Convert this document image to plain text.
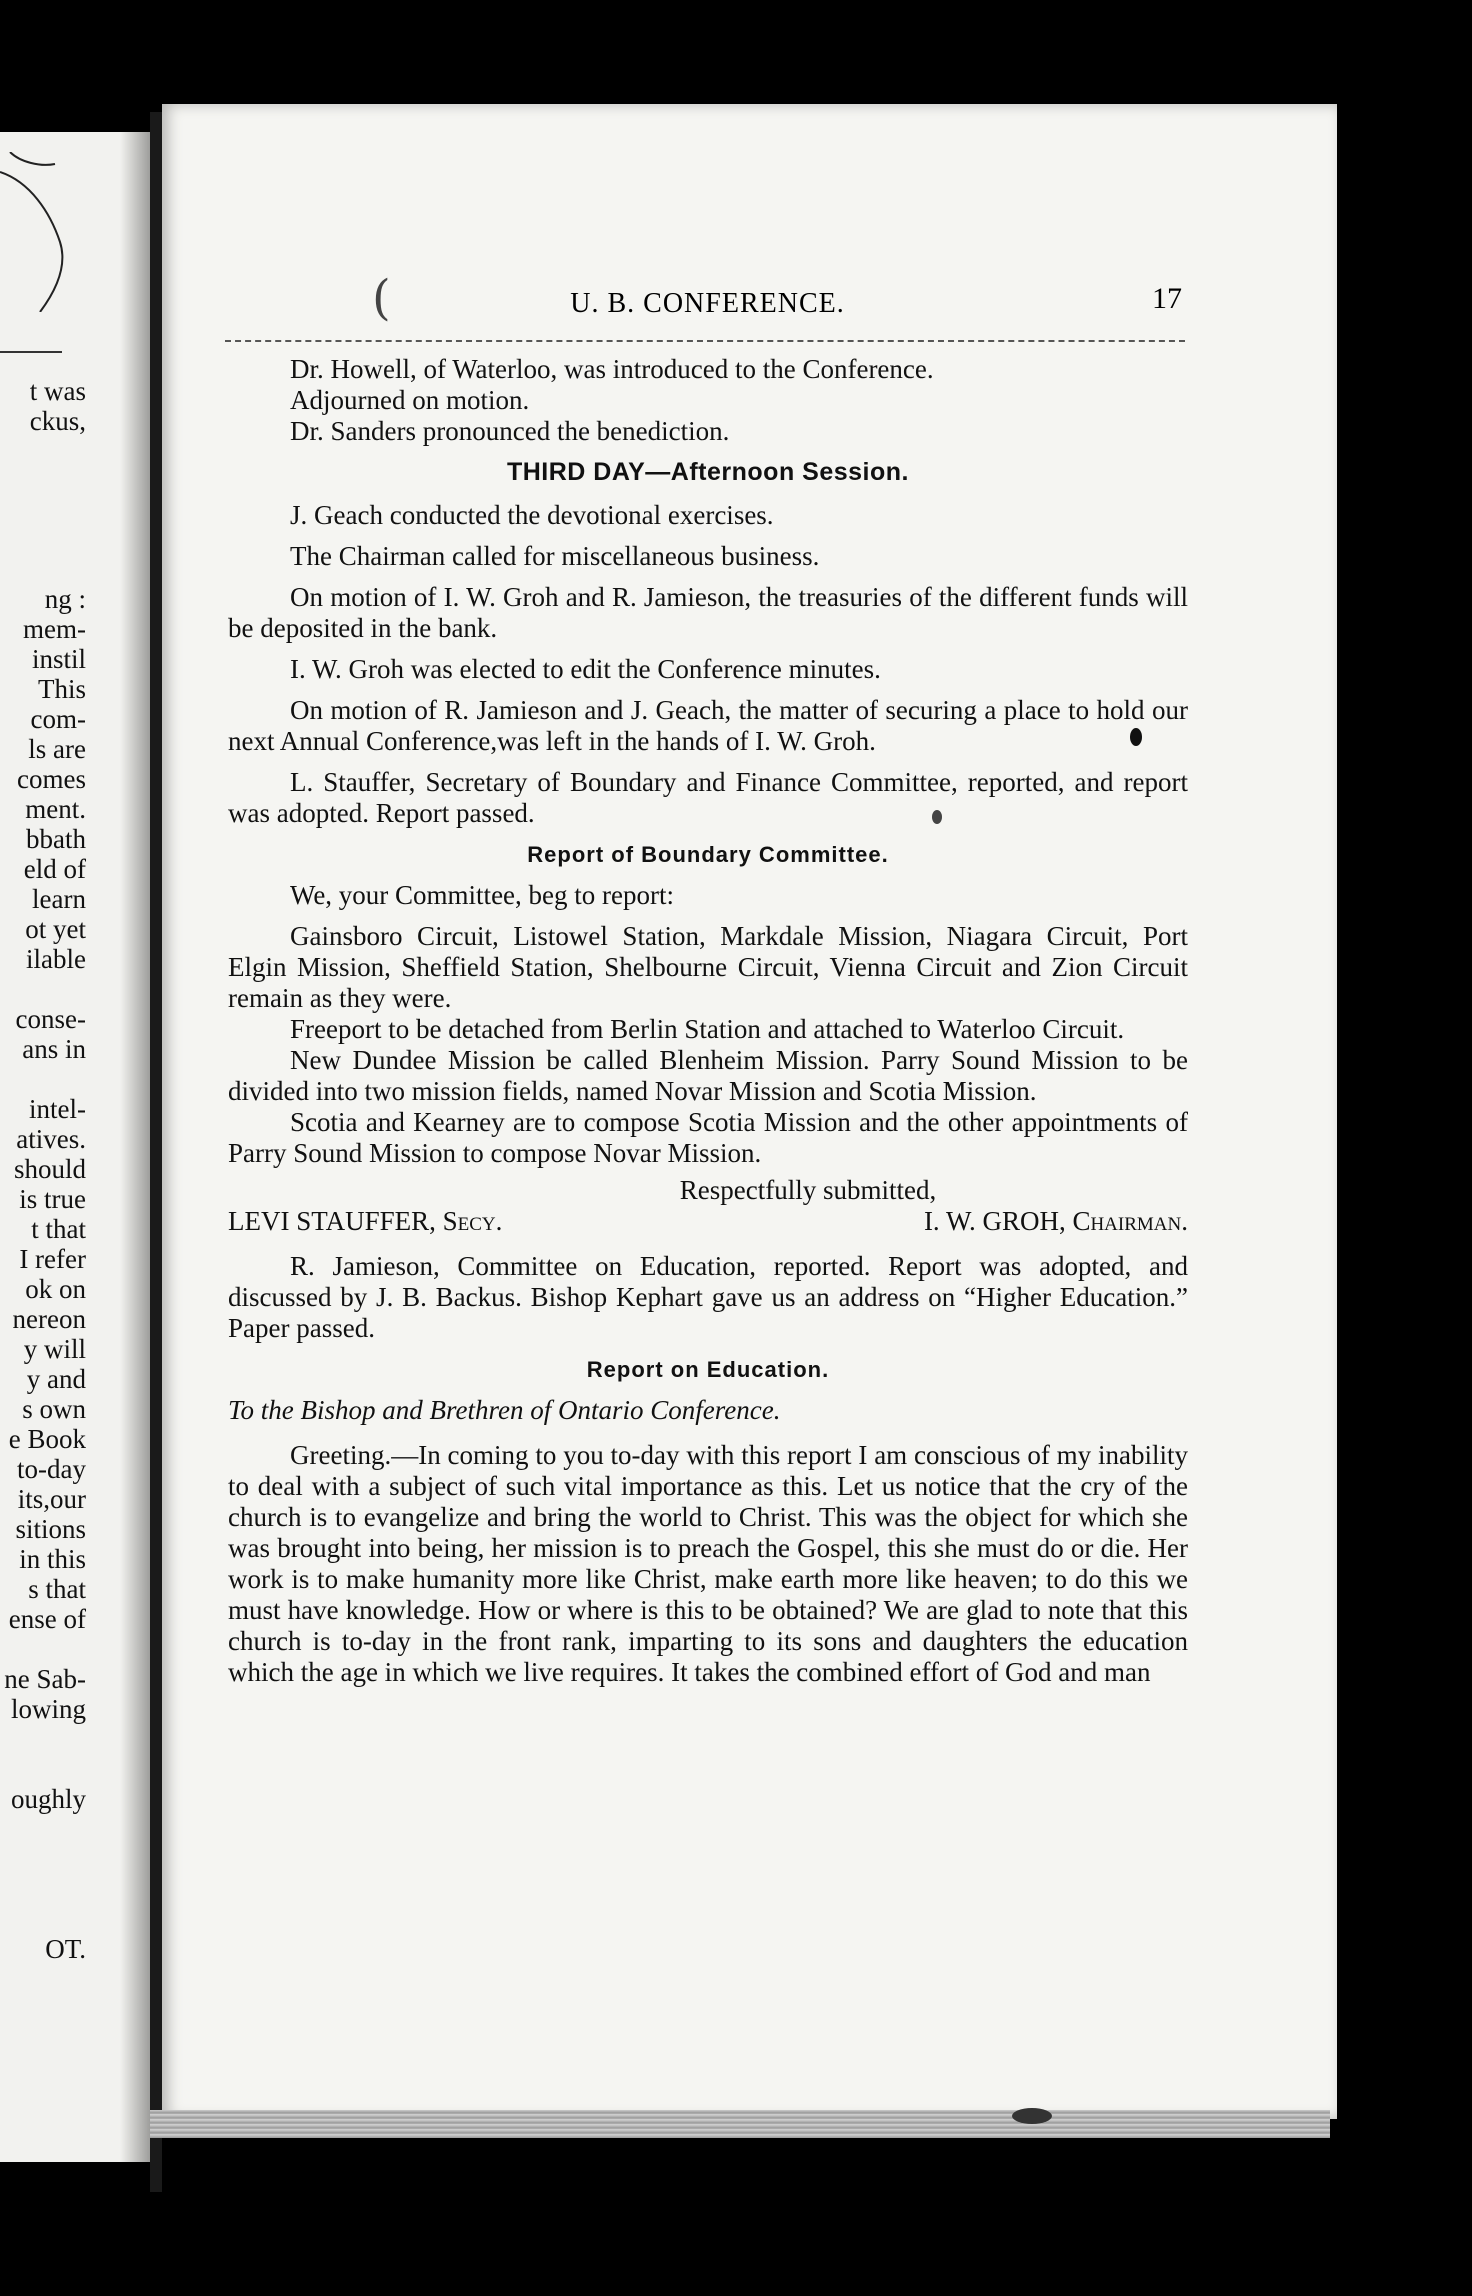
t was
ckus,
ng :
mem-
instil
This
com-
ls are
comes
ment.
bbath
eld of
learn
ot yet
ilable
conse-
ans in
intel-
atives.
should
is true
t that
I refer
ok on
nereon
y will
y and
s own
e Book
to-day
its,our
sitions
in this
s that
ense of
ne Sab-
lowing
oughly
OT.
(	U. B. CONFERENCE.	17

Dr. Howell, of Waterloo, was introduced to the Conference.

Adjourned on motion.

Dr. Sanders pronounced the benediction.

THIRD DAY—Afternoon Session.

J. Geach conducted the devotional exercises.

The Chairman called for miscellaneous business.

On motion of I. W. Groh and R. Jamieson, the treasuries of the different funds will be deposited in the bank.

I. W. Groh was elected to edit the Conference minutes.

On motion of R. Jamieson and J. Geach, the matter of securing a place to hold our next Annual Conference,was left in the hands of I. W. Groh.

L. Stauffer, Secretary of Boundary and Finance Committee, reported, and report was adopted. Report passed.

Report of Boundary Committee.

We, your Committee, beg to report:

Gainsboro Circuit, Listowel Station, Markdale Mission, Niagara Circuit, Port Elgin Mission, Sheffield Station, Shelbourne Circuit, Vienna Circuit and Zion Circuit remain as they were.

Freeport to be detached from Berlin Station and attached to Waterloo Circuit.

New Dundee Mission be called Blenheim Mission. Parry Sound Mission to be divided into two mission fields, named Novar Mission and Scotia Mission.

Scotia and Kearney are to compose Scotia Mission and the other appointments of Parry Sound Mission to compose Novar Mission.

Respectfully submitted,
LEVI STAUFFER, Secy.	I. W. GROH, Chairman.

R. Jamieson, Committee on Education, reported. Report was adopted, and discussed by J. B. Backus. Bishop Kephart gave us an address on “Higher Education.” Paper passed.

Report on Education.

To the Bishop and Brethren of Ontario Conference.

Greeting.—In coming to you to-day with this report I am conscious of my inability to deal with a subject of such vital importance as this. Let us notice that the cry of the church is to evangelize and bring the world to Christ. This was the object for which she was brought into being, her mission is to preach the Gospel, this she must do or die. Her work is to make humanity more like Christ, make earth more like heaven; to do this we must have knowledge. How or where is this to be obtained? We are glad to note that this church is to-day in the front rank, imparting to its sons and daughters the education which the age in which we live requires. It takes the combined effort of God and man
